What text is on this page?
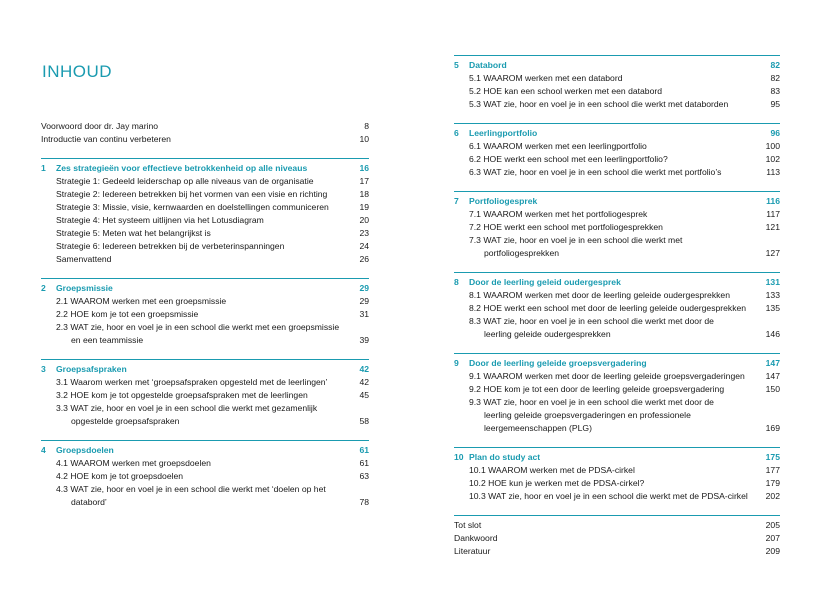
INHOUD
Voorwoord door dr. Jay marino	8
Introductie van continu verbeteren	10
1 Zes strategieën voor effectieve betrokkenheid op alle niveaus	16
Strategie 1: Gedeeld leiderschap op alle niveaus van de organisatie	17
Strategie 2: Iedereen betrekken bij het vormen van een visie en richting	18
Strategie 3: Missie, visie, kernwaarden en doelstellingen communiceren	19
Strategie 4: Het systeem uitlijnen via het Lotusdiagram	20
Strategie 5: Meten wat het belangrijkst is	23
Strategie 6: Iedereen betrekken bij de verbeterinspanningen	24
Samenvattend	26
2 Groepsmissie	29
2.1 WAAROM werken met een groepsmissie	29
2.2 HOE kom je tot een groepsmissie	31
2.3 WAT zie, hoor en voel je in een school die werkt met een groepsmissie
en een teammissie	39
3 Groepsafspraken	42
3.1 Waarom werken met ‘groepsafspraken opgesteld met de leerlingen’	42
3.2 HOE kom je tot opgestelde groepsafspraken met de leerlingen	45
3.3 WAT zie, hoor en voel je in een school die werkt met gezamenlijk
opgestelde groepsafspraken	58
4 Groepsdoelen	61
4.1 WAAROM werken met groepsdoelen	61
4.2 HOE kom je tot groepsdoelen	63
4.3 WAT zie, hoor en voel je in een school die werkt met ‘doelen op het
databord’	78
5 Databord	82
5.1 WAAROM werken met een databord	82
5.2 HOE kan een school werken met een databord	83
5.3 WAT zie, hoor en voel je in een school die werkt met databorden	95
6 Leerlingportfolio	96
6.1 WAAROM werken met een leerlingportfolio	100
6.2 HOE werkt een school met een leerlingportfolio?	102
6.3 WAT zie, hoor en voel je in een school die werkt met portfolio’s	113
7 Portfoliogesprek	116
7.1 WAAROM werken met het portfoliogesprek	117
7.2 HOE werkt een school met portfoliogesprekken	121
7.3 WAT zie, hoor en voel je in een school die werkt met
portfoliogesprekken	127
8 Door de leerling geleid oudergesprek	131
8.1 WAAROM werken met door de leerling geleide oudergesprekken	133
8.2 HOE werkt een school met door de leerling geleide oudergesprekken	135
8.3 WAT zie, hoor en voel je in een school die werkt met door de
leerling geleide oudergesprekken	146
9 Door de leerling geleide groepsvergadering	147
9.1 WAAROM werken met door de leerling geleide groepsvergaderingen	147
9.2 HOE kom je tot een door de leerling geleide groepsvergadering	150
9.3 WAT zie, hoor en voel je in een school die werkt met door de
leerling geleide groepsvergaderingen en professionele
leergemeenschappen (PLG)	169
10 Plan do study act	175
10.1 WAAROM werken met de PDSA-cirkel	177
10.2 HOE kun je werken met de PDSA-cirkel?	179
10.3 WAT zie, hoor en voel je in een school die werkt met de PDSA-cirkel	202
Tot slot	205
Dankwoord	207
Literatuur	209
